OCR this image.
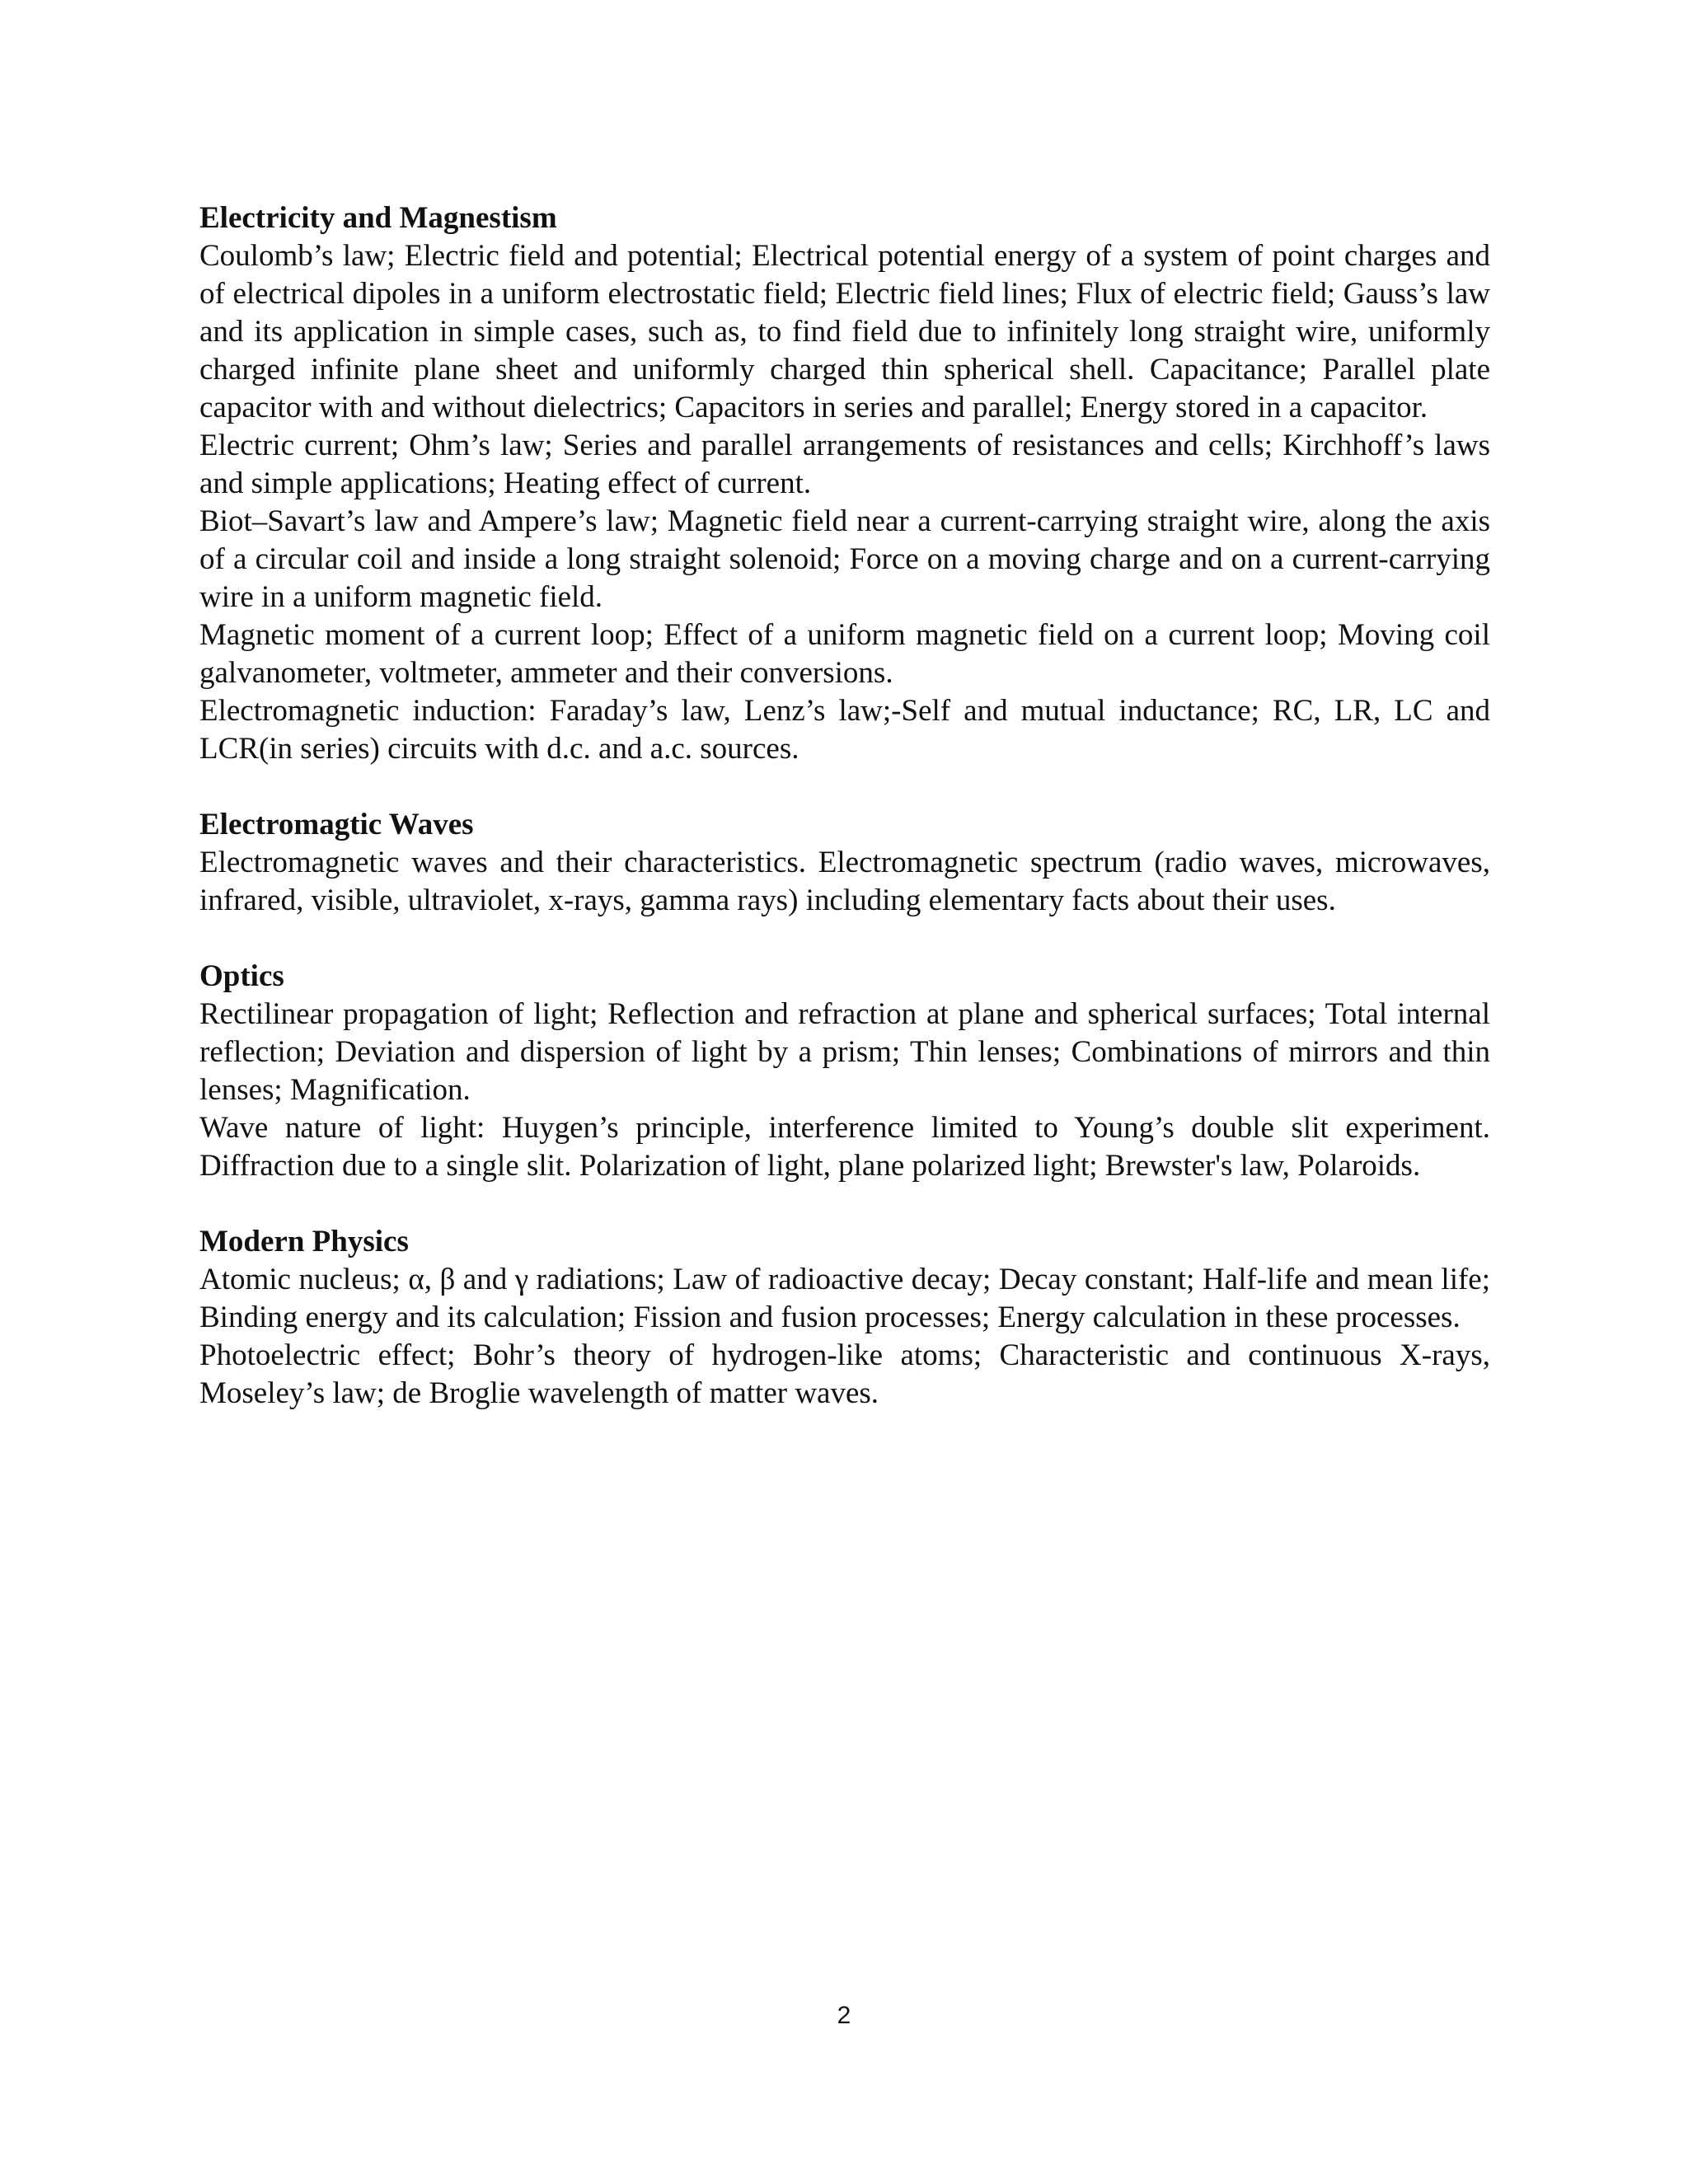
Electricity and Magnestism

Coulomb’s law; Electric field and potential; Electrical potential energy of a system of point charges and of electrical dipoles in a uniform electrostatic field; Electric field lines; Flux of electric field; Gauss’s law and its application in simple cases, such as, to find field due to infinitely long straight wire, uniformly charged infinite plane sheet and uniformly charged thin spherical shell. Capacitance; Parallel plate capacitor with and without dielectrics; Capacitors in series and parallel; Energy stored in a capacitor.

Electric current; Ohm’s law; Series and parallel arrangements of resistances and cells; Kirchhoff’s laws and simple applications; Heating effect of current.

Biot–Savart’s law and Ampere’s law; Magnetic field near a current-carrying straight wire, along the axis of a circular coil and inside a long straight solenoid; Force on a moving charge and on a current-carrying wire in a uniform magnetic field.

Magnetic moment of a current loop; Effect of a uniform magnetic field on a current loop; Moving coil galvanometer, voltmeter, ammeter and their conversions.

Electromagnetic induction: Faraday’s law, Lenz’s law;-Self and mutual inductance; RC, LR, LC and LCR(in series) circuits with d.c. and a.c. sources.

Electromagtic Waves

Electromagnetic waves and their characteristics. Electromagnetic spectrum (radio waves, microwaves, infrared, visible, ultraviolet, x-rays, gamma rays) including elementary facts about their uses.

Optics

Rectilinear propagation of light; Reflection and refraction at plane and spherical surfaces; Total internal reflection; Deviation and dispersion of light by a prism; Thin lenses; Combinations of mirrors and thin lenses; Magnification.

Wave nature of light: Huygen’s principle, interference limited to Young’s double slit experiment. Diffraction due to a single slit. Polarization of light, plane polarized light; Brewster's law, Polaroids.

Modern Physics

Atomic nucleus; α, β and γ radiations; Law of radioactive decay; Decay constant; Half-life and mean life; Binding energy and its calculation; Fission and fusion processes; Energy calculation in these processes.

Photoelectric effect; Bohr’s theory of hydrogen-like atoms; Characteristic and continuous X-rays, Moseley’s law; de Broglie wavelength of matter waves.

2
